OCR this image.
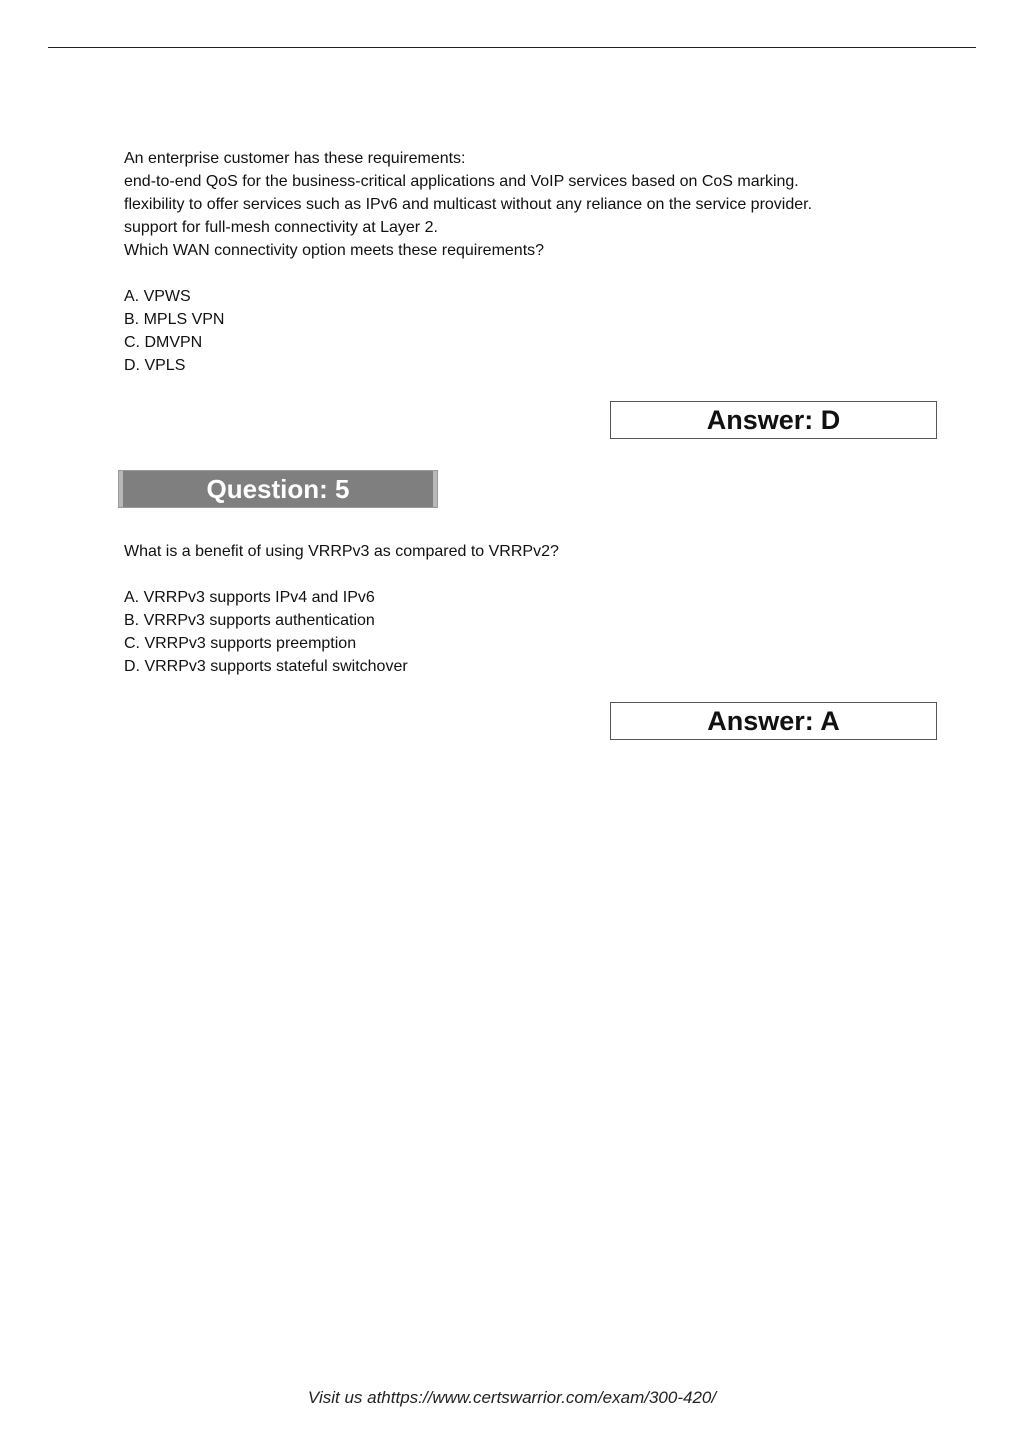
An enterprise customer has these requirements:
end-to-end QoS for the business-critical applications and VoIP services based on CoS marking.
flexibility to offer services such as IPv6 and multicast without any reliance on the service provider.
support for full-mesh connectivity at Layer 2.
Which WAN connectivity option meets these requirements?
A. VPWS
B. MPLS VPN
C. DMVPN
D. VPLS
Answer: D
Question: 5
What is a benefit of using VRRPv3 as compared to VRRPv2?
A. VRRPv3 supports IPv4 and IPv6
B. VRRPv3 supports authentication
C. VRRPv3 supports preemption
D. VRRPv3 supports stateful switchover
Answer: A
Visit us athttps://www.certswarrior.com/exam/300-420/
